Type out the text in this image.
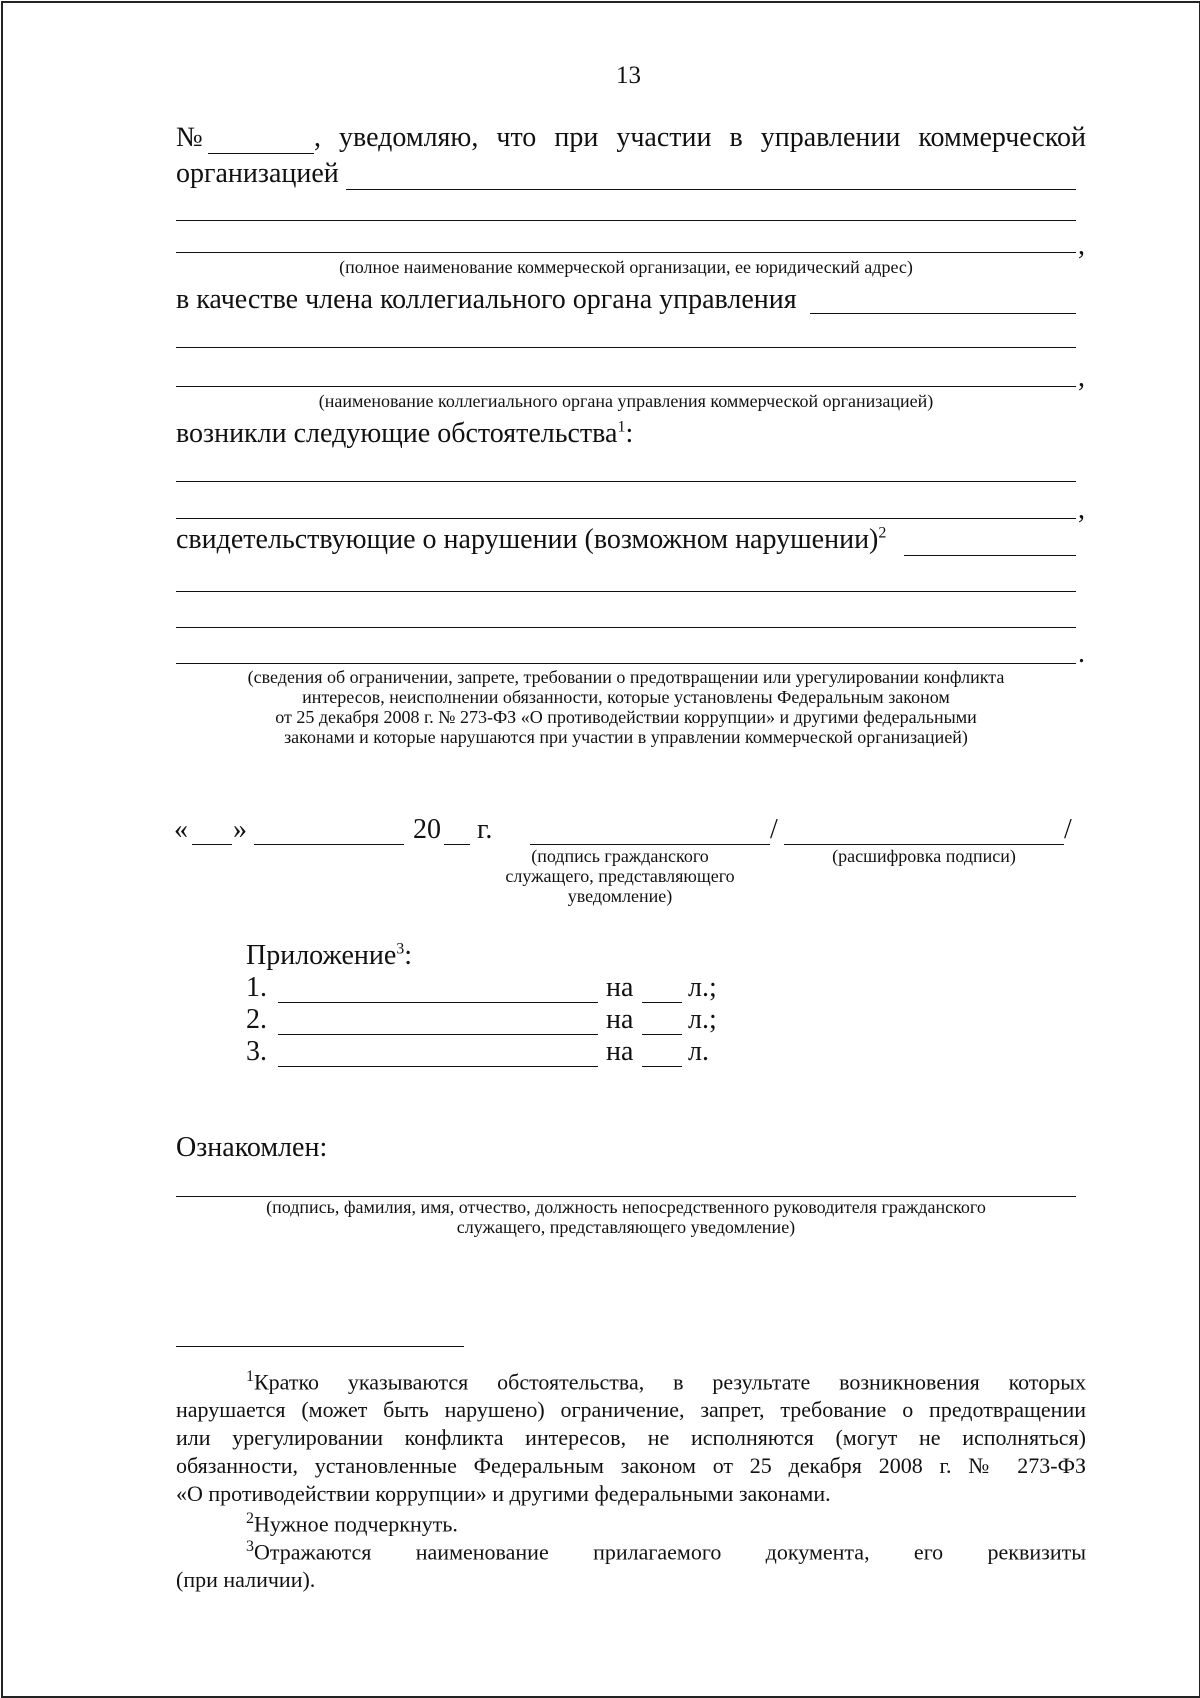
13
№	, уведомляю, что при участии в управлении коммерческой
организацией
,
(полное наименование коммерческой организации, ее юридический адрес)
в качестве члена коллегиального органа управления
,
(наименование коллегиального органа управления коммерческой организацией)
возникли следующие обстоятельства$^1$:
,
свидетельствующие о нарушении (возможном нарушении)$^2$
.
(сведения об ограничении, запрете, требовании о предотвращении или урегулировании конфликта
интересов, неисполнении обязанности, которые установлены Федеральным законом
от 25 декабря 2008 г. № 273-ФЗ «О противодействии коррупции» и другими федеральными
законами и которые нарушаются при участии в управлении коммерческой организацией)
« »	20 г.	/	/
(подпись гражданского
служащего, представляющего
уведомление)
(расшифровка подписи)
Приложение$^3$:
1.	на л.;
2.	на л.;
3.	на л.
Ознакомлен:
(подпись, фамилия, имя, отчество, должность непосредственного руководителя гражданского
служащего, представляющего уведомление)
$^1$Кратко указываются обстоятельства, в результате возникновения которых
нарушается (может быть нарушено) ограничение, запрет, требование о предотвращении
или урегулировании конфликта интересов, не исполняются (могут не исполняться)
обязанности, установленные Федеральным законом от 25 декабря 2008 г. № 273-ФЗ
«О противодействии коррупции» и другими федеральными законами.
$^2$Нужное подчеркнуть.
$^3$Отражаются наименование прилагаемого документа, его реквизиты
(при наличии).
